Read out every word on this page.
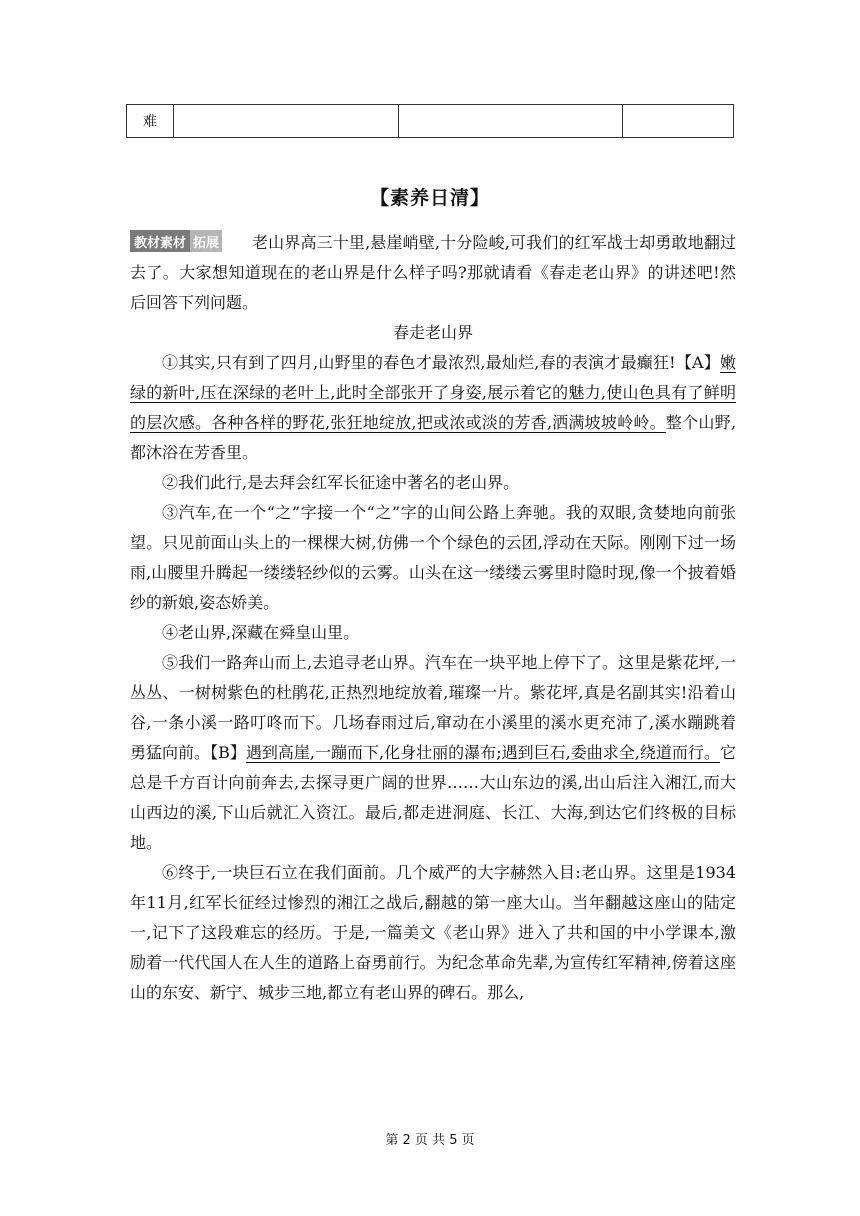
难
【素养日清】
教材素材 拓展	老山界高三十里,悬崖峭壁,十分险峻,可我们的红军战士却勇敢地翻过去了。大家想知道现在的老山界是什么样子吗?那就请看《春走老山界》的讲述吧!然后回答下列问题。

春走老山界

①其实,只有到了四月,山野里的春色才最浓烈,最灿烂,春的表演才最癫狂!【A】嫩绿的新叶,压在深绿的老叶上,此时全部张开了身姿,展示着它的魅力,使山色具有了鲜明的层次感。各种各样的野花,张狂地绽放,把或浓或淡的芳香,洒满坡坡岭岭。整个山野,都沐浴在芳香里。

②我们此行,是去拜会红军长征途中著名的老山界。

③汽车,在一个“之”字接一个“之”字的山间公路上奔驰。我的双眼,贪婪地向前张望。只见前面山头上的一棵棵大树,仿佛一个个绿色的云团,浮动在天际。刚刚下过一场雨,山腰里升腾起一缕缕轻纱似的云雾。山头在这一缕缕云雾里时隐时现,像一个披着婚纱的新娘,姿态娇美。

④老山界,深藏在舜皇山里。

⑤我们一路奔山而上,去追寻老山界。汽车在一块平地上停下了。这里是紫花坪,一丛丛、一树树紫色的杜鹃花,正热烈地绽放着,璀璨一片。紫花坪,真是名副其实!沿着山谷,一条小溪一路叮咚而下。几场春雨过后,窜动在小溪里的溪水更充沛了,溪水蹦跳着勇猛向前。【B】遇到高崖,一蹦而下,化身壮丽的瀑布;遇到巨石,委曲求全,绕道而行。它总是千方百计向前奔去,去探寻更广阔的世界……大山东边的溪,出山后注入湘江,而大山西边的溪,下山后就汇入资江。最后,都走进洞庭、长江、大海,到达它们终极的目标地。

⑥终于,一块巨石立在我们面前。几个威严的大字赫然入目:老山界。这里是1934年11月,红军长征经过惨烈的湘江之战后,翻越的第一座大山。当年翻越这座山的陆定一,记下了这段难忘的经历。于是,一篇美文《老山界》进入了共和国的中小学课本,激励着一代代国人在人生的道路上奋勇前行。为纪念革命先辈,为宣传红军精神,傍着这座山的东安、新宁、城步三地,都立有老山界的碑石。那么,

第 2 页 共 5 页
